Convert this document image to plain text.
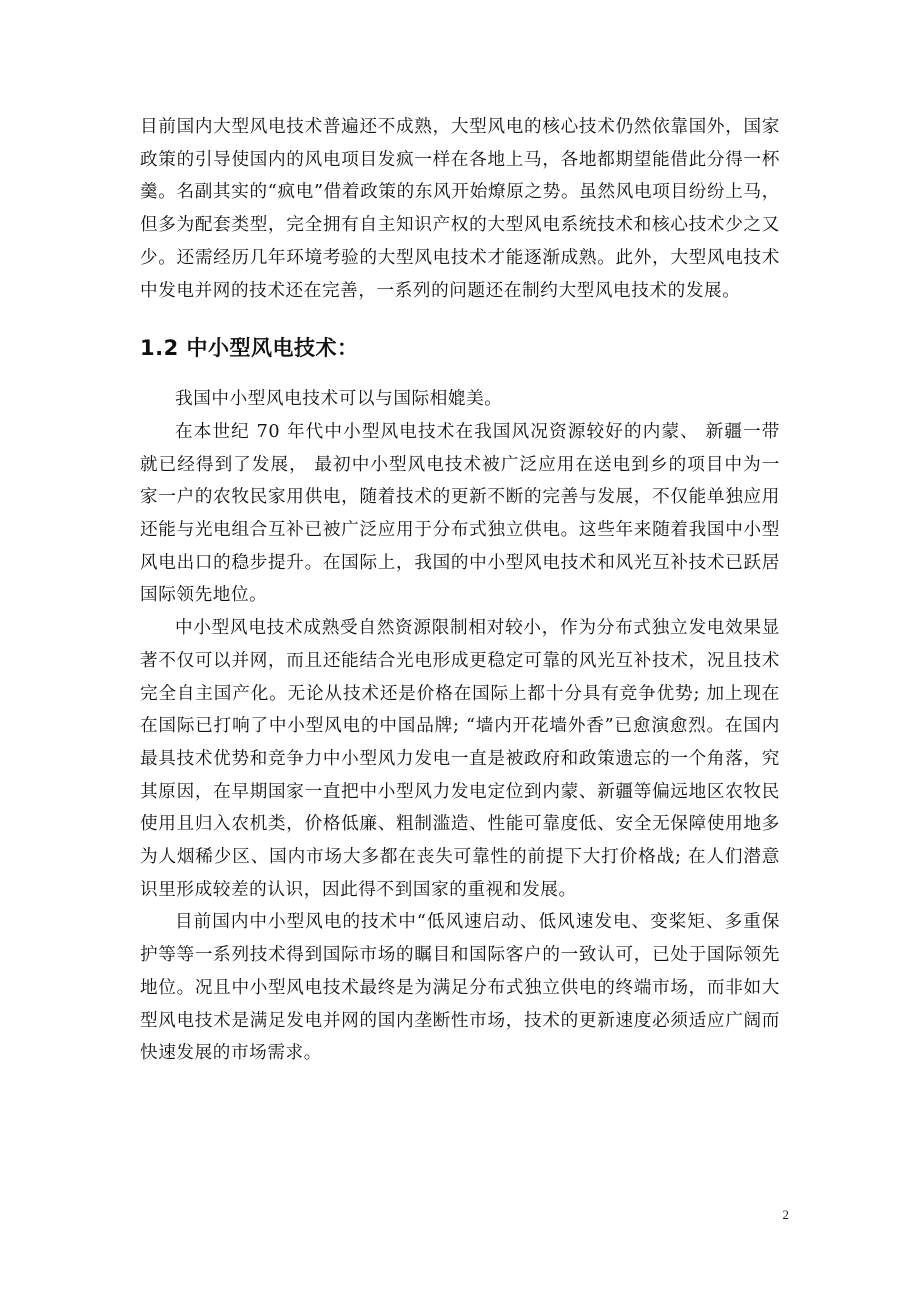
目前国内大型风电技术普遍还不成熟，大型风电的核心技术仍然依靠国外，国家政策的引导使国内的风电项目发疯一样在各地上马，各地都期望能借此分得一杯羹。名副其实的“疯电”借着政策的东风开始燎原之势。虽然风电项目纷纷上马，但多为配套类型，完全拥有自主知识产权的大型风电系统技术和核心技术少之又少。还需经历几年环境考验的大型风电技术才能逐渐成熟。此外，大型风电技术中发电并网的技术还在完善，一系列的问题还在制约大型风电技术的发展。

1.2 中小型风电技术：

我国中小型风电技术可以与国际相媲美。

在本世纪 70 年代中小型风电技术在我国风况资源较好的内蒙、 新疆一带就已经得到了发展， 最初中小型风电技术被广泛应用在送电到乡的项目中为一家一户的农牧民家用供电，随着技术的更新不断的完善与发展，不仅能单独应用还能与光电组合互补已被广泛应用于分布式独立供电。这些年来随着我国中小型风电出口的稳步提升。在国际上，我国的中小型风电技术和风光互补技术已跃居国际领先地位。

中小型风电技术成熟受自然资源限制相对较小，作为分布式独立发电效果显著不仅可以并网，而且还能结合光电形成更稳定可靠的风光互补技术，况且技术完全自主国产化。无论从技术还是价格在国际上都十分具有竞争优势; 加上现在在国际已打响了中小型风电的中国品牌; “墙内开花墙外香”已愈演愈烈。在国内最具技术优势和竞争力中小型风力发电一直是被政府和政策遗忘的一个角落，究其原因，在早期国家一直把中小型风力发电定位到内蒙、新疆等偏远地区农牧民使用且归入农机类，价格低廉、粗制滥造、性能可靠度低、安全无保障使用地多为人烟稀少区、国内市场大多都在丧失可靠性的前提下大打价格战; 在人们潜意识里形成较差的认识，因此得不到国家的重视和发展。

目前国内中小型风电的技术中“低风速启动、低风速发电、变桨矩、多重保护等等一系列技术得到国际市场的瞩目和国际客户的一致认可，已处于国际领先地位。况且中小型风电技术最终是为满足分布式独立供电的终端市场，而非如大型风电技术是满足发电并网的国内垄断性市场，技术的更新速度必须适应广阔而快速发展的市场需求。

2
